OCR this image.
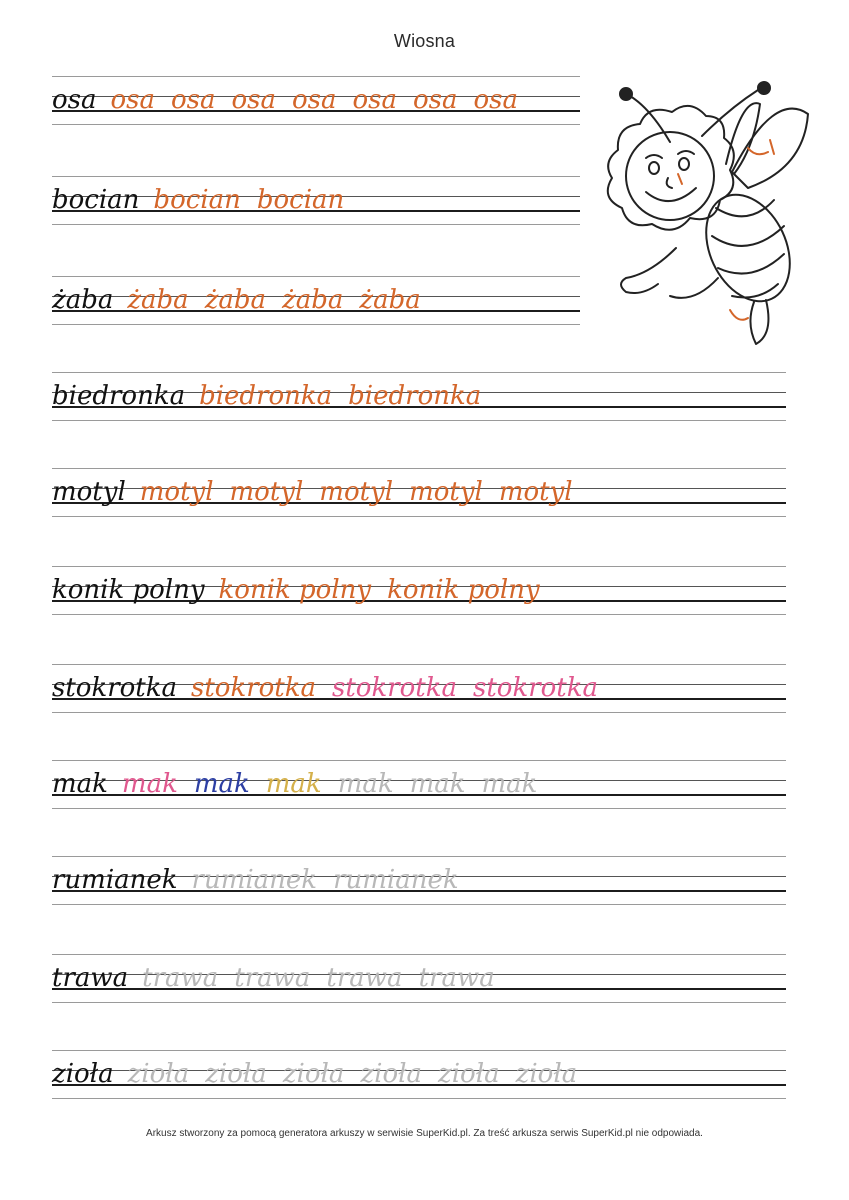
Wiosna
osa osa osa osa osa osa osa osa
bocian bocian bocian
żaba żaba żaba żaba żaba
biedronka biedronka biedronka
motyl motyl motyl motyl motyl motyl
konik polny konik polny konik polny
stokrotka stokrotka stokrotka stokrotka
mak mak mak mak mak mak mak
rumianek rumianek rumianek
trawa trawa trawa trawa trawa
zioła zioła zioła zioła zioła zioła zioła
Arkusz stworzony za pomocą generatora arkuszy w serwisie SuperKid.pl. Za treść arkusza serwis SuperKid.pl nie odpowiada.
